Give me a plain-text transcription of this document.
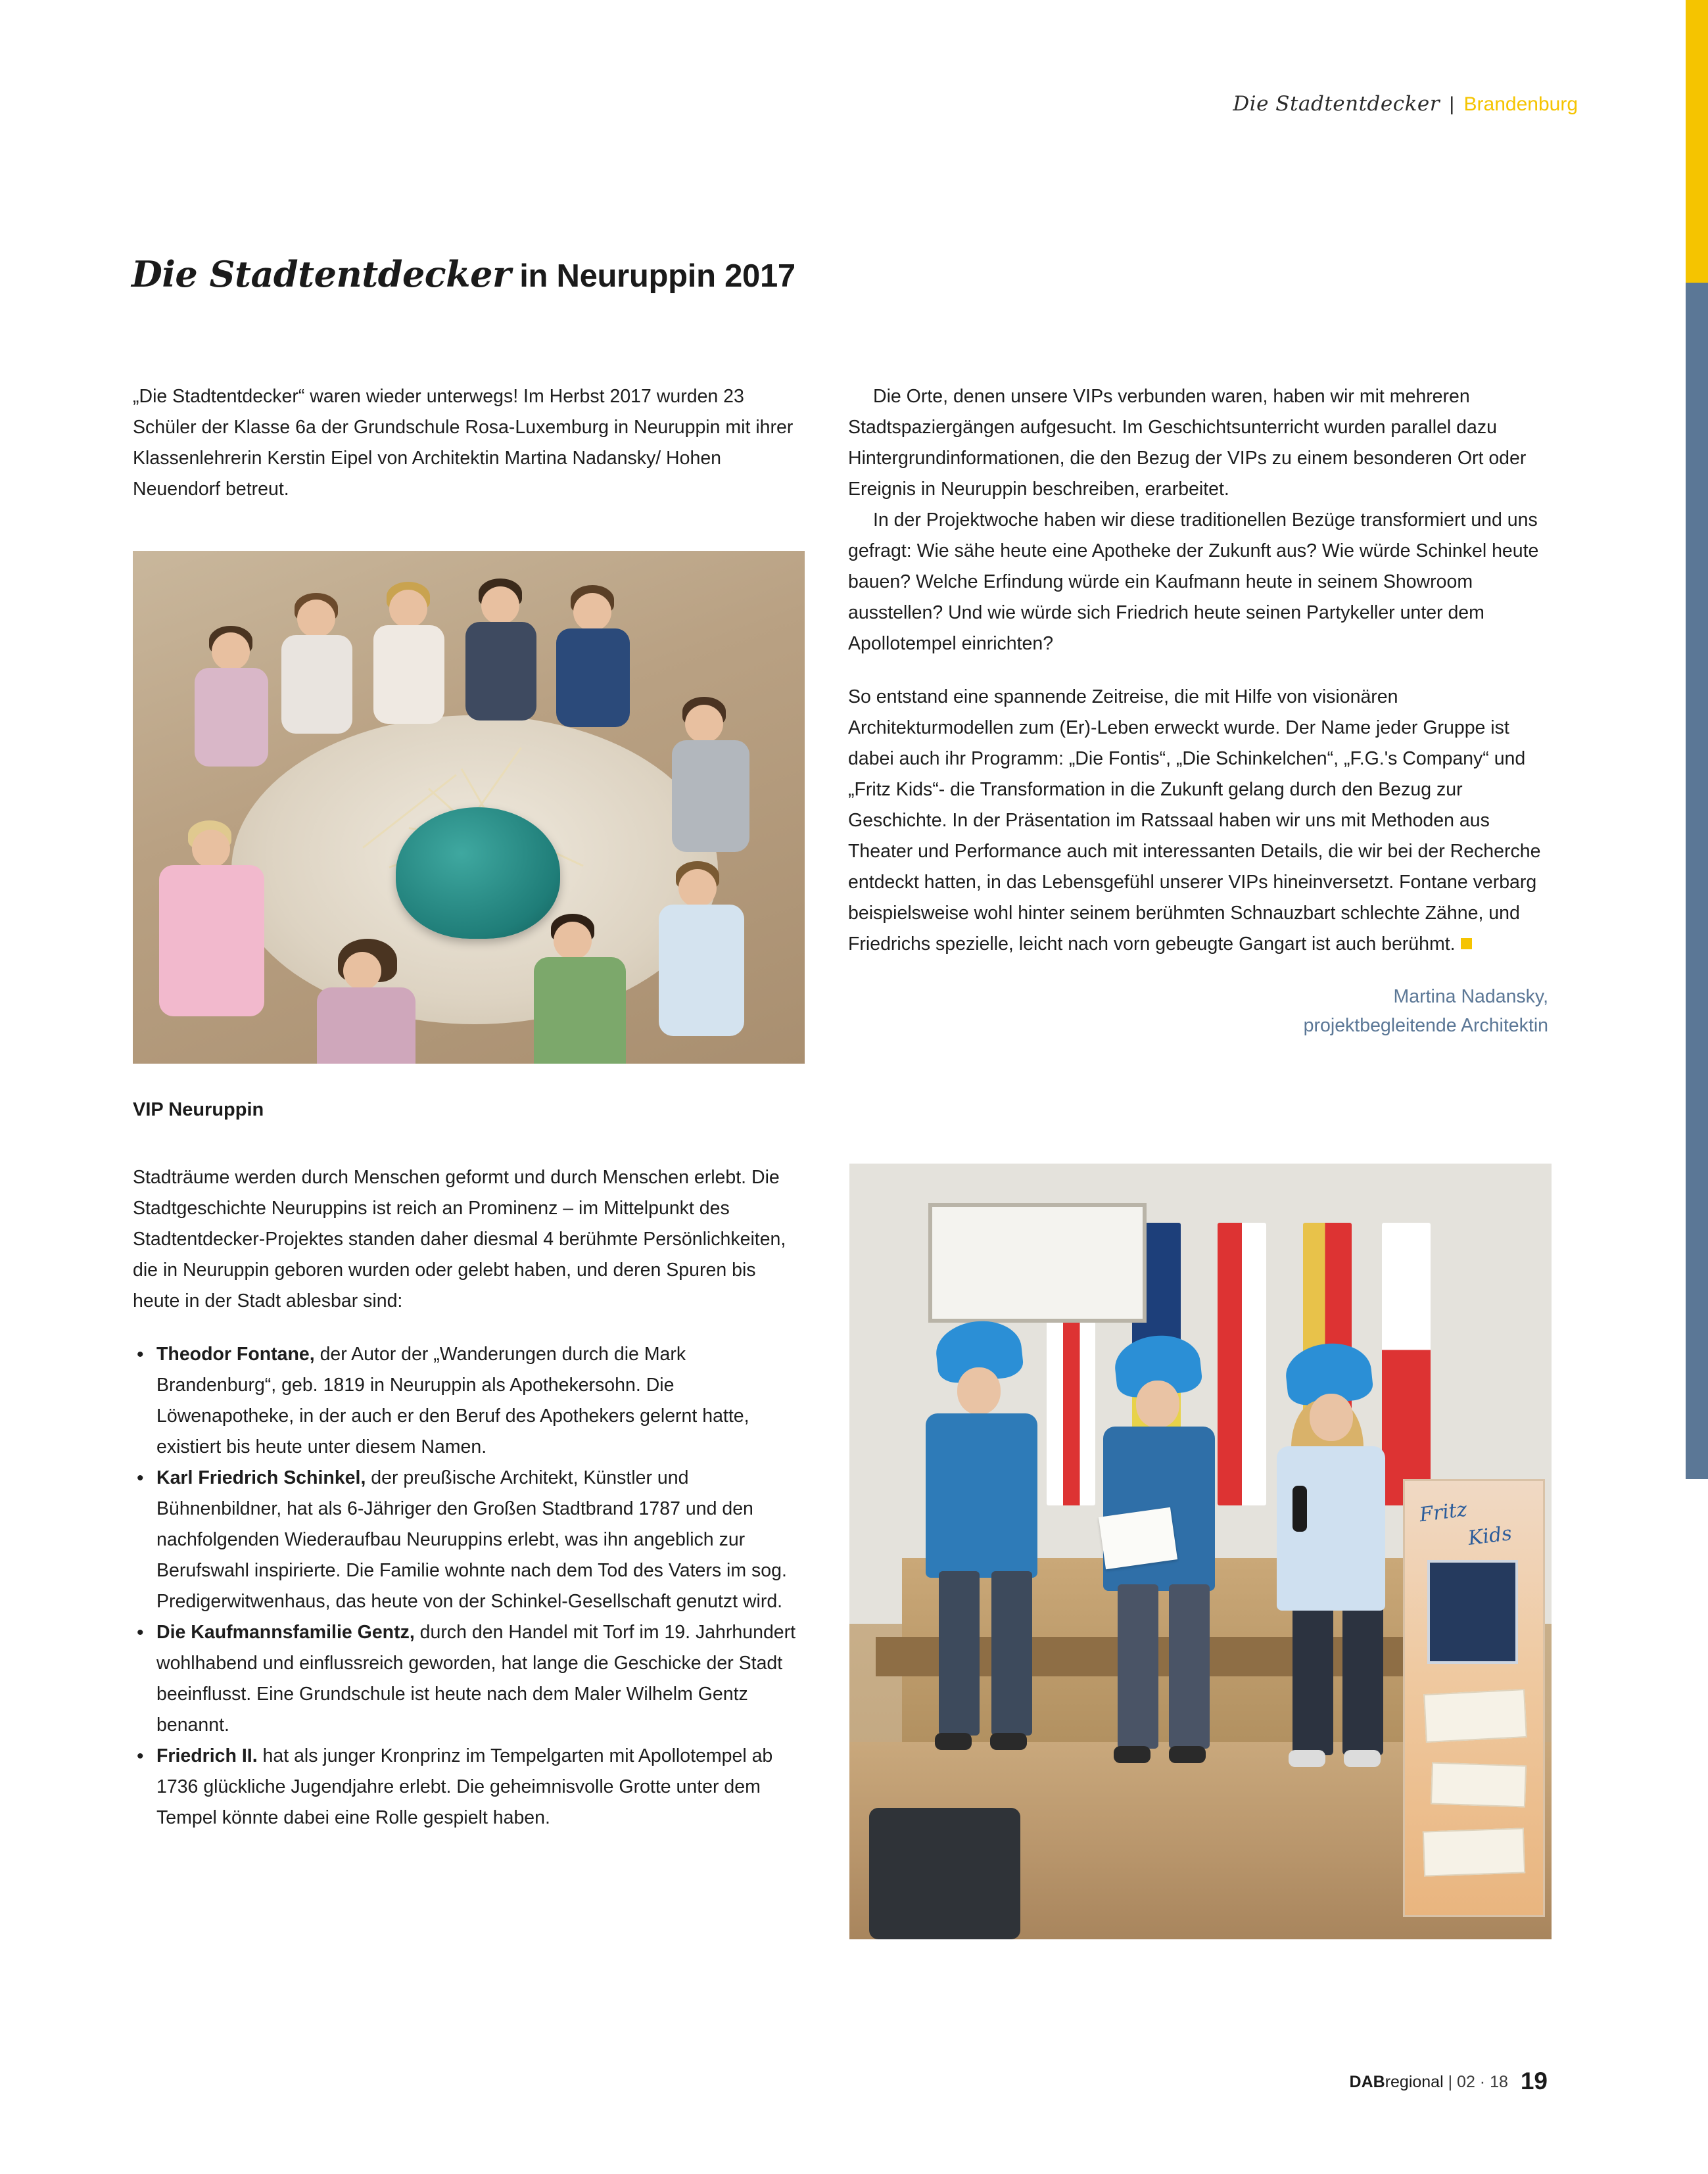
Die Stadtentdecker | Brandenburg
Die Stadtentdecker in Neuruppin 2017

„Die Stadtentdecker“ waren wieder unterwegs! Im Herbst 2017 wurden 23 Schüler der Klasse 6a der Grundschule Rosa-Luxemburg in Neuruppin mit ihrer Klassenlehrerin Kerstin Eipel von Architektin Martina Nadansky/ Hohen Neuendorf betreut.

VIP Neuruppin

Stadträume werden durch Menschen geformt und durch Menschen erlebt. Die Stadtgeschichte Neuruppins ist reich an Prominenz – im Mittelpunkt des Stadtentdecker-Projektes standen daher diesmal 4 berühmte Persönlichkeiten, die in Neuruppin geboren wurden oder gelebt haben, und deren Spuren bis heute in der Stadt ablesbar sind:

• Theodor Fontane, der Autor der „Wanderungen durch die Mark Brandenburg“, geb. 1819 in Neuruppin als Apothekersohn. Die Löwenapotheke, in der auch er den Beruf des Apothekers gelernt hatte, existiert bis heute unter diesem Namen.
• Karl Friedrich Schinkel, der preußische Architekt, Künstler und Bühnenbildner, hat als 6-Jähriger den Großen Stadtbrand 1787 und den nachfolgenden Wiederaufbau Neuruppins erlebt, was ihn angeblich zur Berufswahl inspirierte. Die Familie wohnte nach dem Tod des Vaters im sog. Predigerwitwenhaus, das heute von der Schinkel-Gesellschaft genutzt wird.
• Die Kaufmannsfamilie Gentz, durch den Handel mit Torf im 19. Jahrhundert wohlhabend und einflussreich geworden, hat lange die Geschicke der Stadt beeinflusst. Eine Grundschule ist heute nach dem Maler Wilhelm Gentz benannt.
• Friedrich II. hat als junger Kronprinz im Tempelgarten mit Apollotempel ab 1736 glückliche Jugendjahre erlebt. Die geheimnisvolle Grotte unter dem Tempel könnte dabei eine Rolle gespielt haben.

Die Orte, denen unsere VIPs verbunden waren, haben wir mit mehreren Stadtspaziergängen aufgesucht. Im Geschichtsunterricht wurden parallel dazu Hintergrundinformationen, die den Bezug der VIPs zu einem besonderen Ort oder Ereignis in Neuruppin beschreiben, erarbeitet.

In der Projektwoche haben wir diese traditionellen Bezüge transformiert und uns gefragt: Wie sähe heute eine Apotheke der Zukunft aus? Wie würde Schinkel heute bauen? Welche Erfindung würde ein Kaufmann heute in seinem Showroom ausstellen? Und wie würde sich Friedrich heute seinen Partykeller unter dem Apollotempel einrichten?

So entstand eine spannende Zeitreise, die mit Hilfe von visionären Architekturmodellen zum (Er)-Leben erweckt wurde. Der Name jeder Gruppe ist dabei auch ihr Programm: „Die Fontis“, „Die Schinkelchen“, „F.G.'s Company“ und „Fritz Kids“- die Transformation in die Zukunft gelang durch den Bezug zur Geschichte. In der Präsentation im Ratssaal haben wir uns mit Methoden aus Theater und Performance auch mit interessanten Details, die wir bei der Recherche entdeckt hatten, in das Lebensgefühl unserer VIPs hineinversetzt. Fontane verbarg beispielsweise wohl hinter seinem berühmten Schnauzbart schlechte Zähne, und Friedrichs spezielle, leicht nach vorn gebeugte Gangart ist auch berühmt.

Martina Nadansky,
projektbegleitende Architektin
Fritz
Kids
DABregional | 02 · 18 19
